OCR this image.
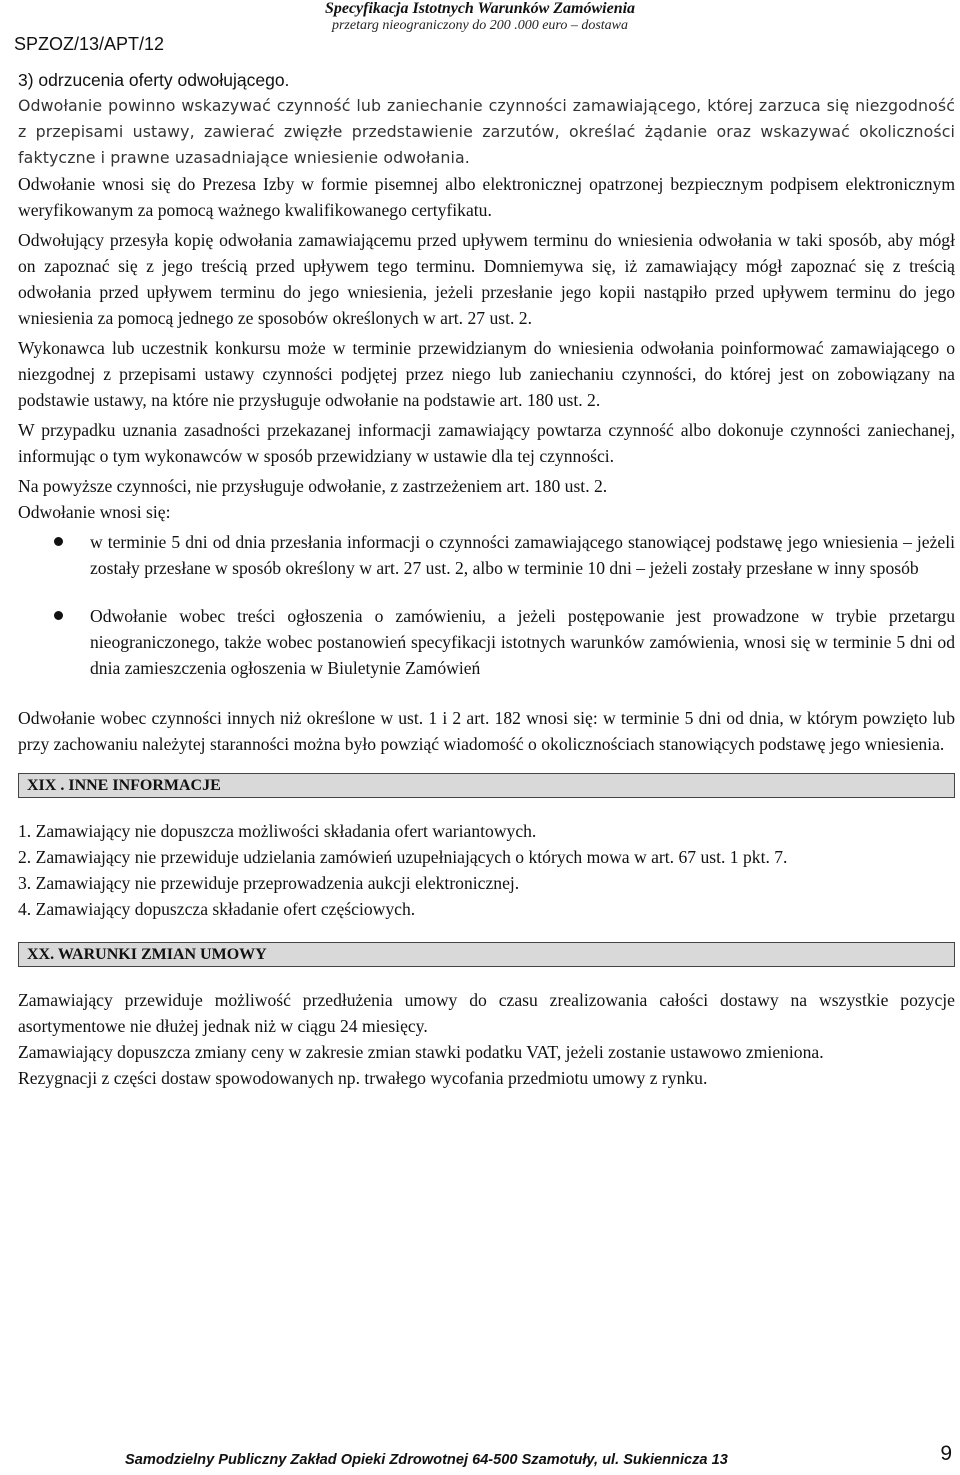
Specyfikacja Istotnych Warunków Zamówienia
przetarg nieograniczony do 200 .000 euro – dostawa
SPZOZ/13/APT/12

3) odrzucenia oferty odwołującego.

Odwołanie powinno wskazywać czynność lub zaniechanie czynności zamawiającego, której zarzuca się niezgodność z przepisami ustawy, zawierać zwięzłe przedstawienie zarzutów, określać żądanie oraz wskazywać okoliczności faktyczne i prawne uzasadniające wniesienie odwołania.

Odwołanie wnosi się do Prezesa Izby w formie pisemnej albo elektronicznej opatrzonej bezpiecznym podpisem elektronicznym weryfikowanym za pomocą ważnego kwalifikowanego certyfikatu.

Odwołujący przesyła kopię odwołania zamawiającemu przed upływem terminu do wniesienia odwołania w taki sposób, aby mógł on zapoznać się z jego treścią przed upływem tego terminu. Domniemywa się, iż zamawiający mógł zapoznać się z treścią odwołania przed upływem terminu do jego wniesienia, jeżeli przesłanie jego kopii nastąpiło przed upływem terminu do jego wniesienia za pomocą jednego ze sposobów określonych w art. 27 ust. 2.

Wykonawca lub uczestnik konkursu może w terminie przewidzianym do wniesienia odwołania poinformować zamawiającego o niezgodnej z przepisami ustawy czynności podjętej przez niego lub zaniechaniu czynności, do której jest on zobowiązany na podstawie ustawy, na które nie przysługuje odwołanie na podstawie art. 180 ust. 2.

W przypadku uznania zasadności przekazanej informacji zamawiający powtarza czynność albo dokonuje czynności zaniechanej, informując o tym wykonawców w sposób przewidziany w ustawie dla tej czynności.

Na powyższe czynności, nie przysługuje odwołanie, z zastrzeżeniem art. 180 ust. 2.

Odwołanie wnosi się:

w terminie 5 dni od dnia przesłania informacji o czynności zamawiającego stanowiącej podstawę jego wniesienia – jeżeli zostały przesłane w sposób określony w art. 27 ust. 2, albo w terminie 10 dni – jeżeli zostały przesłane w inny sposób
Odwołanie wobec treści ogłoszenia o zamówieniu, a jeżeli postępowanie jest prowadzone w trybie przetargu nieograniczonego, także wobec postanowień specyfikacji istotnych warunków zamówienia, wnosi się w terminie 5 dni od dnia zamieszczenia ogłoszenia w Biuletynie Zamówień

Odwołanie wobec czynności innych niż określone w ust. 1 i 2 art. 182 wnosi się: w terminie 5 dni od dnia, w którym powzięto lub przy zachowaniu należytej staranności można było powziąć wiadomość o okolicznościach stanowiących podstawę jego wniesienia.

XIX . INNE INFORMACJE

1. Zamawiający nie dopuszcza możliwości składania ofert wariantowych.

2. Zamawiający nie przewiduje udzielania zamówień uzupełniających o których mowa w art. 67 ust. 1 pkt. 7.

3. Zamawiający nie przewiduje przeprowadzenia aukcji elektronicznej.

4. Zamawiający dopuszcza składanie ofert częściowych.

XX. WARUNKI ZMIAN UMOWY

Zamawiający przewiduje możliwość przedłużenia umowy do czasu zrealizowania całości dostawy na wszystkie pozycje asortymentowe nie dłużej jednak niż w ciągu 24 miesięcy.

Zamawiający dopuszcza zmiany ceny w zakresie zmian stawki podatku VAT, jeżeli zostanie ustawowo zmieniona.

Rezygnacji z części dostaw spowodowanych np. trwałego wycofania przedmiotu umowy z rynku.

Samodzielny Publiczny Zakład Opieki Zdrowotnej 64-500 Szamotuły, ul. Sukiennicza 13	9
